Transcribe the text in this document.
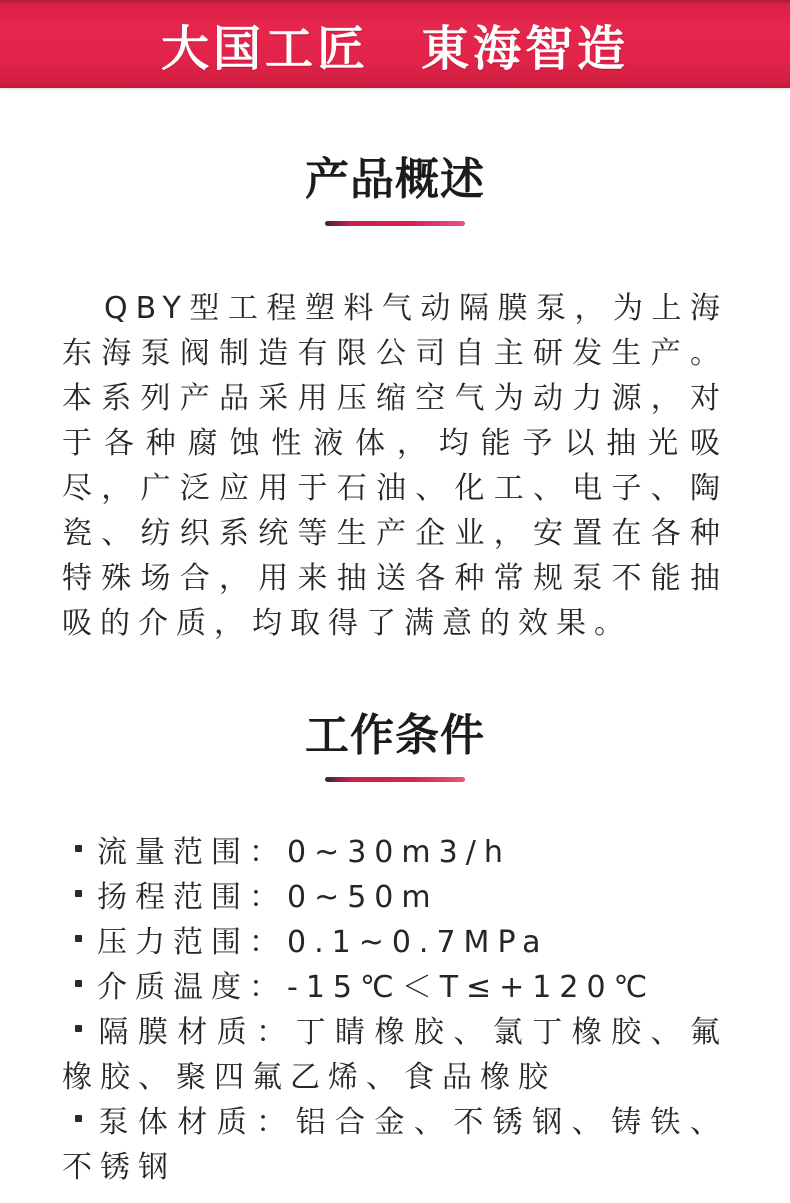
大国工匠　東海智造
产品概述

QBY型工程塑料气动隔膜泵，为上海东海泵阀制造有限公司自主研发生产。本系列产品采用压缩空气为动力源，对于各种腐蚀性液体，均能予以抽光吸尽，广泛应用于石油、化工、电子、陶瓷、纺织系统等生产企业，安置在各种特殊场合，用来抽送各种常规泵不能抽吸的介质，均取得了满意的效果。

工作条件

流量范围：0~30m3/h

扬程范围：0~50m

压力范围：0.1~0.7MPa

介质温度：-15℃＜T≤+120℃

隔膜材质：丁睛橡胶、氯丁橡胶、氟橡胶、聚四氟乙烯、食品橡胶

泵体材质：铝合金、不锈钢、铸铁、不锈钢
